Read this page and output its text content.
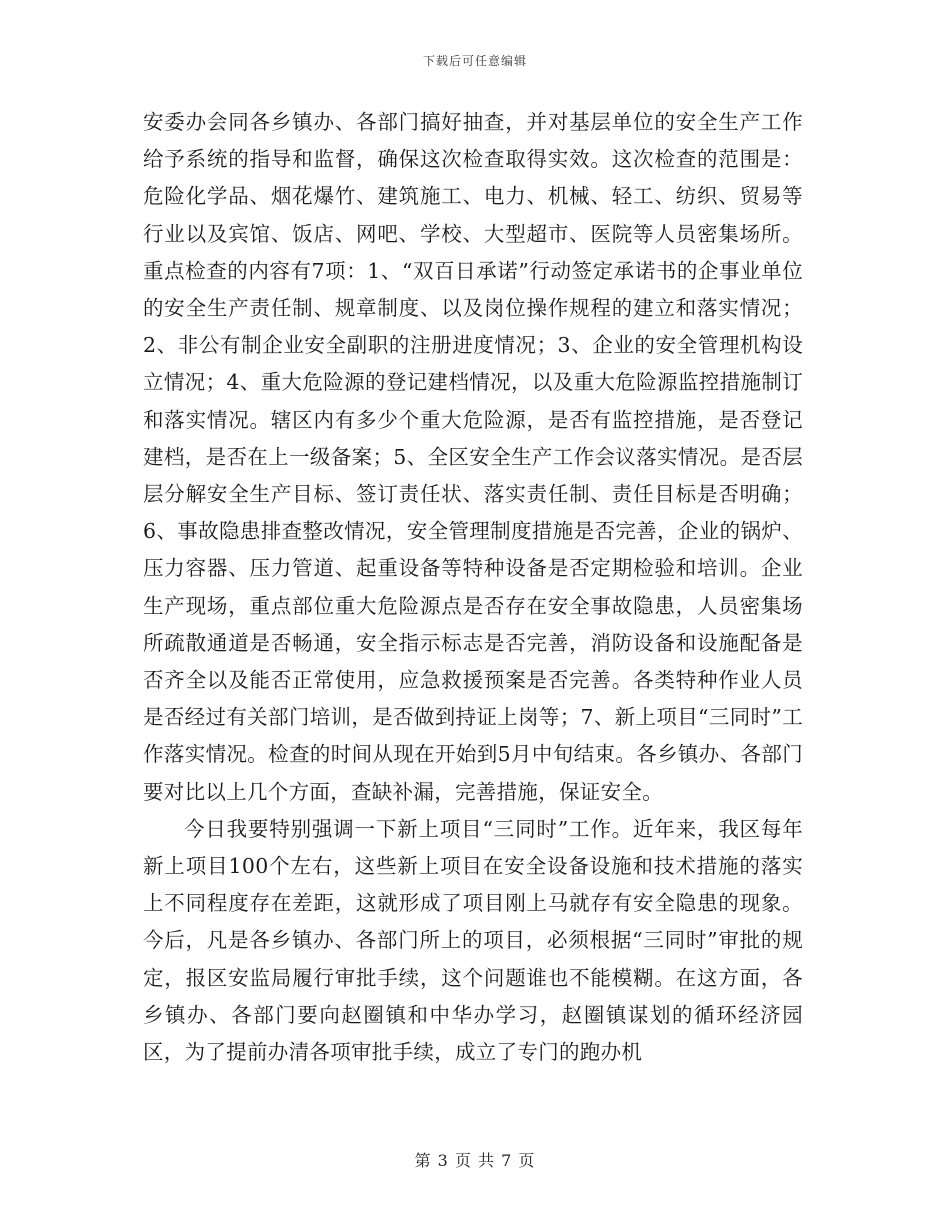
下载后可任意编辑

安委办会同各乡镇办、各部门搞好抽查，并对基层单位的安全生产工作给予系统的指导和监督，确保这次检查取得实效。这次检查的范围是：危险化学品、烟花爆竹、建筑施工、电力、机械、轻工、纺织、贸易等行业以及宾馆、饭店、网吧、学校、大型超市、医院等人员密集场所。重点检查的内容有7项：1、“双百日承诺”行动签定承诺书的企事业单位的安全生产责任制、规章制度、以及岗位操作规程的建立和落实情况；2、非公有制企业安全副职的注册进度情况；3、企业的安全管理机构设立情况；4、重大危险源的登记建档情况，以及重大危险源监控措施制订和落实情况。辖区内有多少个重大危险源，是否有监控措施，是否登记建档，是否在上一级备案；5、全区安全生产工作会议落实情况。是否层层分解安全生产目标、签订责任状、落实责任制、责任目标是否明确；6、事故隐患排查整改情况，安全管理制度措施是否完善，企业的锅炉、压力容器、压力管道、起重设备等特种设备是否定期检验和培训。企业生产现场，重点部位重大危险源点是否存在安全事故隐患，人员密集场所疏散通道是否畅通，安全指示标志是否完善，消防设备和设施配备是否齐全以及能否正常使用，应急救援预案是否完善。各类特种作业人员是否经过有关部门培训，是否做到持证上岗等；7、新上项目“三同时”工作落实情况。检查的时间从现在开始到5月中旬结束。各乡镇办、各部门要对比以上几个方面，查缺补漏，完善措施，保证安全。

今日我要特别强调一下新上项目“三同时”工作。近年来，我区每年新上项目100个左右，这些新上项目在安全设备设施和技术措施的落实上不同程度存在差距，这就形成了项目刚上马就存有安全隐患的现象。今后，凡是各乡镇办、各部门所上的项目，必须根据“三同时”审批的规定，报区安监局履行审批手续，这个问题谁也不能模糊。在这方面，各乡镇办、各部门要向赵圈镇和中华办学习，赵圈镇谋划的循环经济园区，为了提前办清各项审批手续，成立了专门的跑办机

第 3 页 共 7 页
